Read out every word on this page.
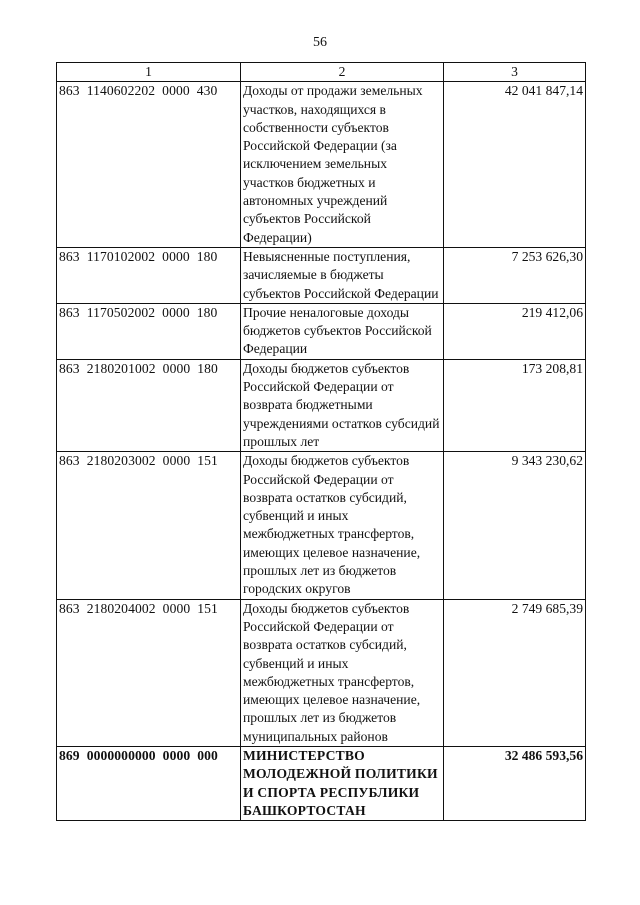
56
1	2	3
863 1140602202 0000 430	Доходы от продажи земельных участков, находящихся в собственности субъектов Российской Федерации (за исключением земельных участков бюджетных и автономных учреждений субъектов Российской Федерации)	42 041 847,14
863 1170102002 0000 180	Невыясненные поступления, зачисляемые в бюджеты субъектов Российской Федерации	7 253 626,30
863 1170502002 0000 180	Прочие неналоговые доходы бюджетов субъектов Российской Федерации	219 412,06
863 2180201002 0000 180	Доходы бюджетов субъектов Российской Федерации от возврата бюджетными учреждениями остатков субсидий прошлых лет	173 208,81
863 2180203002 0000 151	Доходы бюджетов субъектов Российской Федерации от возврата остатков субсидий, субвенций и иных межбюджетных трансфертов, имеющих целевое назначение, прошлых лет из бюджетов городских округов	9 343 230,62
863 2180204002 0000 151	Доходы бюджетов субъектов Российской Федерации от возврата остатков субсидий, субвенций и иных межбюджетных трансфертов, имеющих целевое назначение, прошлых лет из бюджетов муниципальных районов	2 749 685,39
869 0000000000 0000 000	МИНИСТЕРСТВО МОЛОДЕЖНОЙ ПОЛИТИКИ И СПОРТА РЕСПУБЛИКИ БАШКОРТОСТАН	32 486 593,56
